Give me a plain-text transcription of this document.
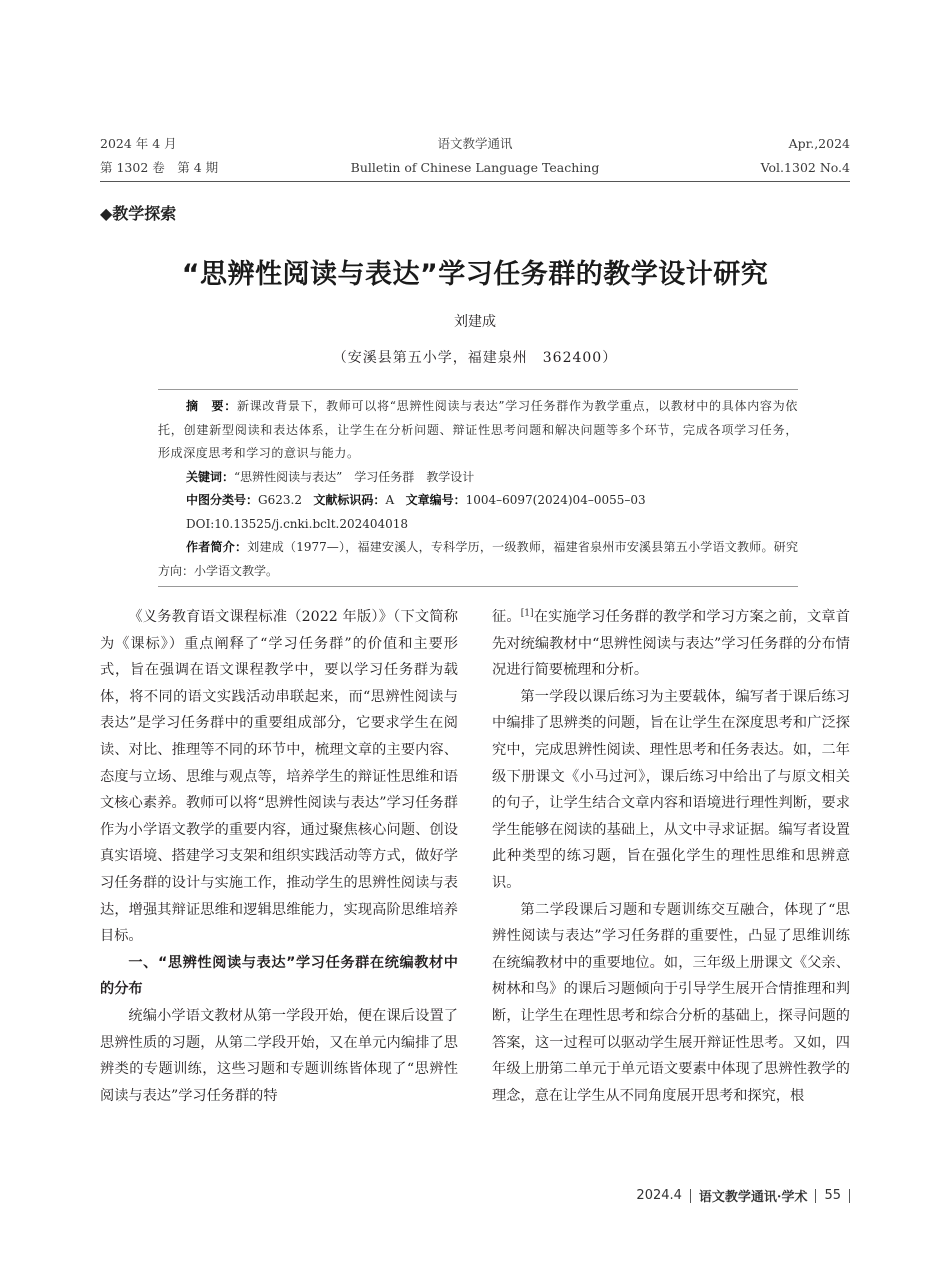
2024 年 4 月
第 1302 卷　第 4 期
语文教学通讯
Bulletin of Chinese Language Teaching
Apr.,2024
Vol.1302 No.4
◆教学探索
“思辨性阅读与表达”学习任务群的教学设计研究
刘建成
（安溪县第五小学，福建泉州　362400）

摘　要：新课改背景下，教师可以将“思辨性阅读与表达”学习任务群作为教学重点，以教材中的具体内容为依托，创建新型阅读和表达体系，让学生在分析问题、辩证性思考问题和解决问题等多个环节，完成各项学习任务，形成深度思考和学习的意识与能力。

关键词：“思辨性阅读与表达”　学习任务群　教学设计

中图分类号：G623.2 文献标识码：A 文章编号：1004–6097(2024)04–0055–03

DOI:10.13525/j.cnki.bclt.202404018

作者简介：刘建成（1977—），福建安溪人，专科学历，一级教师，福建省泉州市安溪县第五小学语文教师。研究方向：小学语文教学。

《义务教育语文课程标准（2022 年版）》（下文简称为《课标》）重点阐释了“学习任务群”的价值和主要形式，旨在强调在语文课程教学中，要以学习任务群为载体，将不同的语文实践活动串联起来，而“思辨性阅读与表达”是学习任务群中的重要组成部分，它要求学生在阅读、对比、推理等不同的环节中，梳理文章的主要内容、态度与立场、思维与观点等，培养学生的辩证性思维和语文核心素养。教师可以将“思辨性阅读与表达”学习任务群作为小学语文教学的重要内容，通过聚焦核心问题、创设真实语境、搭建学习支架和组织实践活动等方式，做好学习任务群的设计与实施工作，推动学生的思辨性阅读与表达，增强其辩证思维和逻辑思维能力，实现高阶思维培养目标。

一、“思辨性阅读与表达”学习任务群在统编教材中的分布

统编小学语文教材从第一学段开始，便在课后设置了思辨性质的习题，从第二学段开始，又在单元内编排了思辨类的专题训练，这些习题和专题训练皆体现了“思辨性阅读与表达”学习任务群的特

征。[1]在实施学习任务群的教学和学习方案之前，文章首先对统编教材中“思辨性阅读与表达”学习任务群的分布情况进行简要梳理和分析。

第一学段以课后练习为主要载体，编写者于课后练习中编排了思辨类的问题，旨在让学生在深度思考和广泛探究中，完成思辨性阅读、理性思考和任务表达。如，二年级下册课文《小马过河》，课后练习中给出了与原文相关的句子，让学生结合文章内容和语境进行理性判断，要求学生能够在阅读的基础上，从文中寻求证据。编写者设置此种类型的练习题，旨在强化学生的理性思维和思辨意识。

第二学段课后习题和专题训练交互融合，体现了“思辨性阅读与表达”学习任务群的重要性，凸显了思维训练在统编教材中的重要地位。如，三年级上册课文《父亲、树林和鸟》的课后习题倾向于引导学生展开合情推理和判断，让学生在理性思考和综合分析的基础上，探寻问题的答案，这一过程可以驱动学生展开辩证性思考。又如，四年级上册第二单元于单元语文要素中体现了思辨性教学的理念，意在让学生从不同角度展开思考和探究，根

2024.4 语文教学通讯·学术 55
